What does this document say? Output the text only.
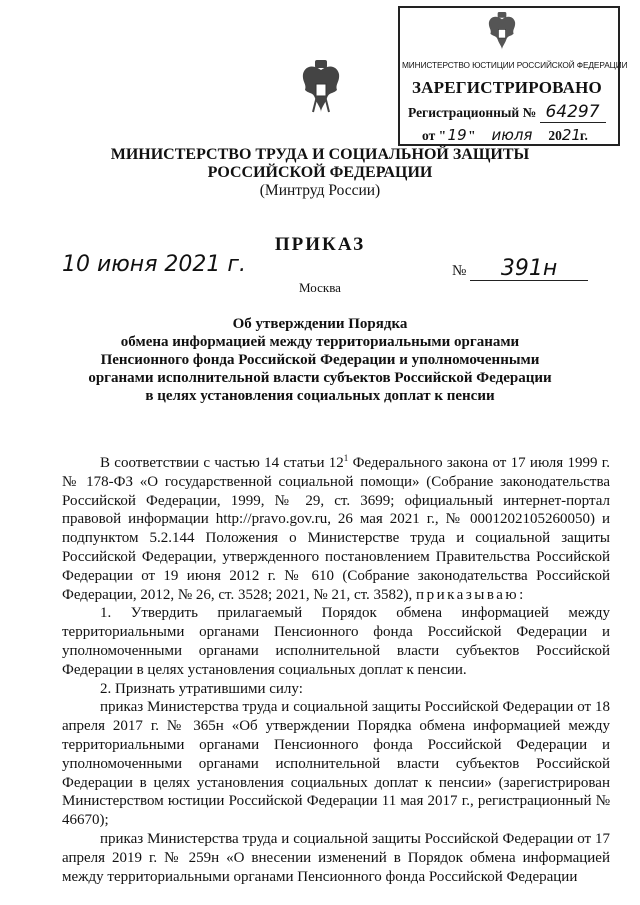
МИНИСТЕРСТВО ЮСТИЦИИ РОССИЙСКОЙ ФЕДЕРАЦИИ
ЗАРЕГИСТРИРОВАНО
Регистрационный № 64297
от "19" июля 2021г.
МИНИСТЕРСТВО ТРУДА И СОЦИАЛЬНОЙ ЗАЩИТЫ
РОССИЙСКОЙ ФЕДЕРАЦИИ
(Минтруд России)
ПРИКАЗ
10 июня 2021 г.	№ 391н
Москва
Об утверждении Порядка
обмена информацией между территориальными органами
Пенсионного фонда Российской Федерации и уполномоченными
органами исполнительной власти субъектов Российской Федерации
в целях установления социальных доплат к пенсии

В соответствии с частью 14 статьи $12^1$ Федерального закона от 17 июля 1999 г. № 178-ФЗ «О государственной социальной помощи» (Собрание законодательства Российской Федерации, 1999, № 29, ст. 3699; официальный интернет-портал правовой информации http://pravo.gov.ru, 26 мая 2021 г., № 0001202105260050) и подпунктом 5.2.144 Положения о Министерстве труда и социальной защиты Российской Федерации, утвержденного постановлением Правительства Российской Федерации от 19 июня 2012 г. № 610 (Собрание законодательства Российской Федерации, 2012, № 26, ст. 3528; 2021, № 21, ст. 3582), приказываю:

1. Утвердить прилагаемый Порядок обмена информацией между территориальными органами Пенсионного фонда Российской Федерации и уполномоченными органами исполнительной власти субъектов Российской Федерации в целях установления социальных доплат к пенсии.

2. Признать утратившими силу:

приказ Министерства труда и социальной защиты Российской Федерации от 18 апреля 2017 г. № 365н «Об утверждении Порядка обмена информацией между территориальными органами Пенсионного фонда Российской Федерации и уполномоченными органами исполнительной власти субъектов Российской Федерации в целях установления социальных доплат к пенсии» (зарегистрирован Министерством юстиции Российской Федерации 11 мая 2017 г., регистрационный № 46670);

приказ Министерства труда и социальной защиты Российской Федерации от 17 апреля 2019 г. № 259н «О внесении изменений в Порядок обмена информацией между территориальными органами Пенсионного фонда Российской Федерации
